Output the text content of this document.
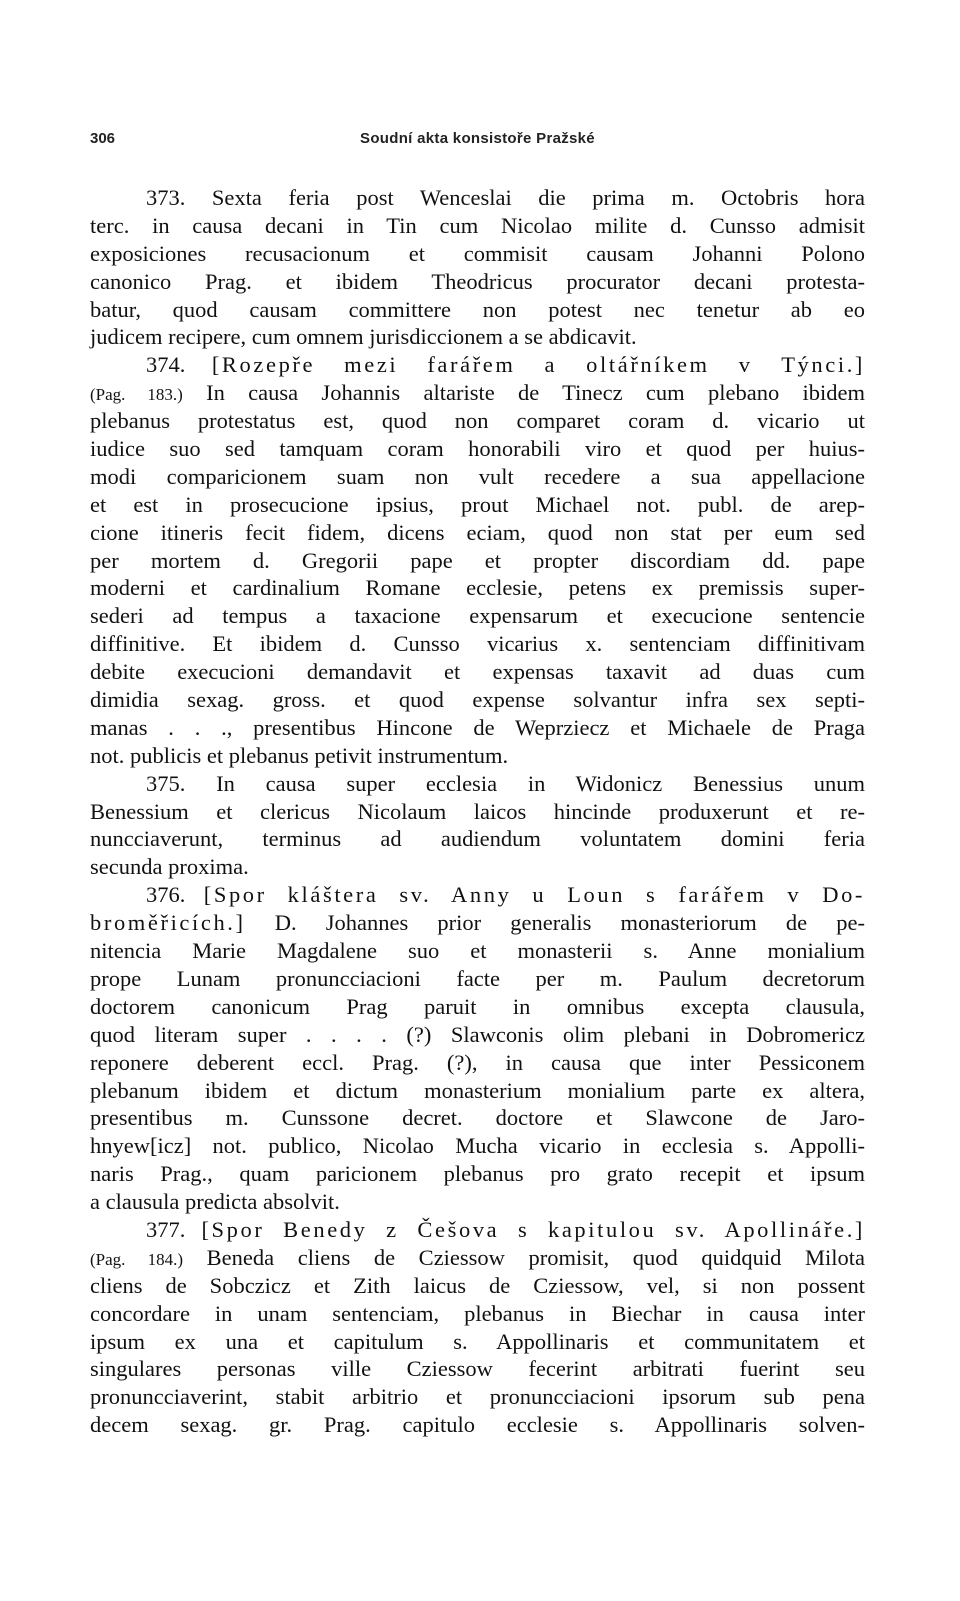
306	Soudní akta konsistoře Pražské
373. Sexta feria post Wenceslai die prima m. Octobris hora
terc. in causa decani in Tin cum Nicolao milite d. Cunsso admisit
exposiciones recusacionum et commisit causam Johanni Polono
canonico Prag. et ibidem Theodricus procurator decani protesta-
batur, quod causam committere non potest nec tenetur ab eo
judicem recipere, cum omnem jurisdiccionem a se abdicavit.
374. [Rozepře mezi farářem a oltářníkem v Týnci.]
(Pag. 183.) In causa Johannis altariste de Tinecz cum plebano ibidem
plebanus protestatus est, quod non comparet coram d. vicario ut
iudice suo sed tamquam coram honorabili viro et quod per huius-
modi comparicionem suam non vult recedere a sua appellacione
et est in prosecucione ipsius, prout Michael not. publ. de arep-
cione itineris fecit fidem, dicens eciam, quod non stat per eum sed
per mortem d. Gregorii pape et propter discordiam dd. pape
moderni et cardinalium Romane ecclesie, petens ex premissis super-
sederi ad tempus a taxacione expensarum et execucione sentencie
diffinitive. Et ibidem d. Cunsso vicarius x. sentenciam diffinitivam
debite execucioni demandavit et expensas taxavit ad duas cum
dimidia sexag. gross. et quod expense solvantur infra sex septi-
manas . . ., presentibus Hincone de Weprziecz et Michaele de Praga
not. publicis et plebanus petivit instrumentum.
375. In causa super ecclesia in Widonicz Benessius unum
Benessium et clericus Nicolaum laicos hincinde produxerunt et re-
nuncciaverunt, terminus ad audiendum voluntatem domini feria
secunda proxima.
376. [Spor kláštera sv. Anny u Loun s farářem v Do-
broměřicích.] D. Johannes prior generalis monasteriorum de pe-
nitencia Marie Magdalene suo et monasterii s. Anne monialium
prope Lunam pronuncciacioni facte per m. Paulum decretorum
doctorem canonicum Prag paruit in omnibus excepta clausula,
quod literam super . . . . (?) Slawconis olim plebani in Dobromericz
reponere deberent eccl. Prag. (?), in causa que inter Pessiconem
plebanum ibidem et dictum monasterium monialium parte ex altera,
presentibus m. Cunssone decret. doctore et Slawcone de Jaro-
hnyew[icz] not. publico, Nicolao Mucha vicario in ecclesia s. Appolli-
naris Prag., quam paricionem plebanus pro grato recepit et ipsum
a clausula predicta absolvit.
377. [Spor Benedy z Češova s kapitulou sv. Apollináře.]
(Pag. 184.) Beneda cliens de Cziessow promisit, quod quidquid Milota
cliens de Sobczicz et Zith laicus de Cziessow, vel, si non possent
concordare in unam sentenciam, plebanus in Biechar in causa inter
ipsum ex una et capitulum s. Appollinaris et communitatem et
singulares personas ville Cziessow fecerint arbitrati fuerint seu
pronuncciaverint, stabit arbitrio et pronuncciacioni ipsorum sub pena
decem sexag. gr. Prag. capitulo ecclesie s. Appollinaris solven-
